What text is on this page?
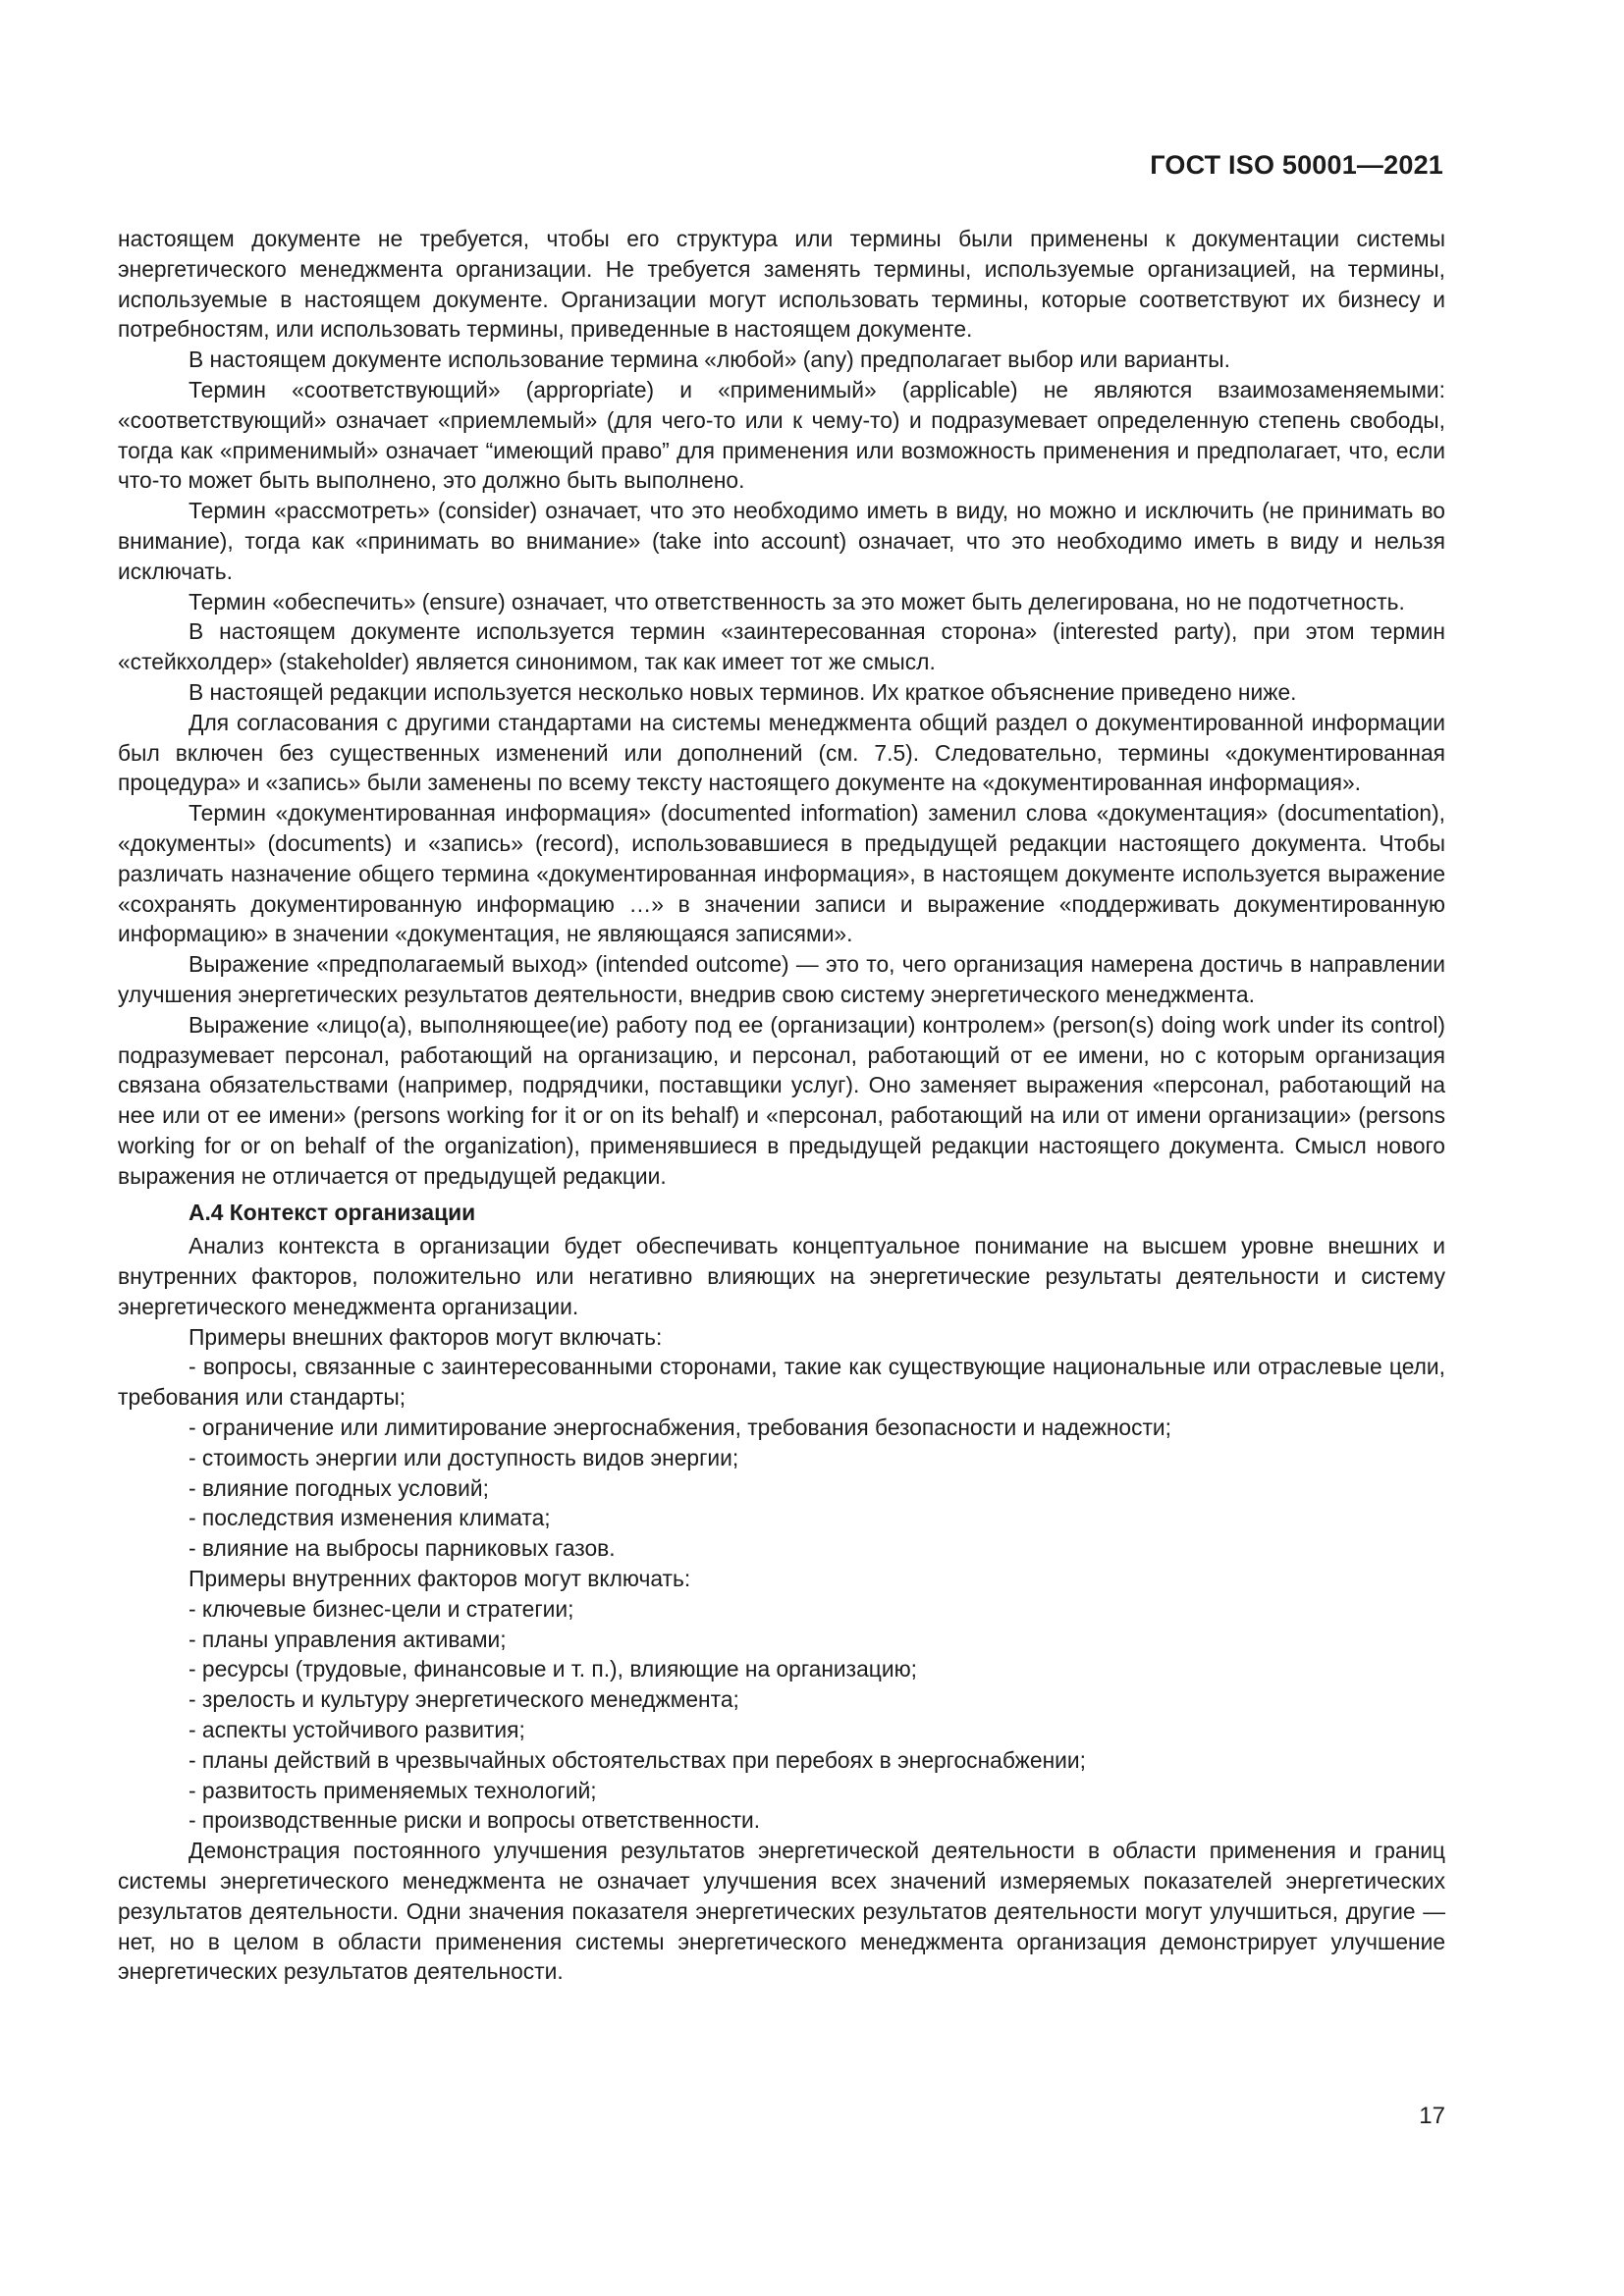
ГОСТ ISO 50001—2021

настоящем документе не требуется, чтобы его структура или термины были применены к документации системы энергетического менеджмента организации. Не требуется заменять термины, используемые организацией, на термины, используемые в настоящем документе. Организации могут использовать термины, которые соответствуют их бизнесу и потребностям, или использовать термины, приведенные в настоящем документе.

В настоящем документе использование термина «любой» (any) предполагает выбор или варианты.

Термин «соответствующий» (appropriate) и «применимый» (applicable) не являются взаимозаменяемыми: «соответствующий» означает «приемлемый» (для чего-то или к чему-то) и подразумевает определенную степень свободы, тогда как «применимый» означает “имеющий право” для применения или возможность применения и предполагает, что, если что-то может быть выполнено, это должно быть выполнено.

Термин «рассмотреть» (consider) означает, что это необходимо иметь в виду, но можно и исключить (не принимать во внимание), тогда как «принимать во внимание» (take into account) означает, что это необходимо иметь в виду и нельзя исключать.

Термин «обеспечить» (ensure) означает, что ответственность за это может быть делегирована, но не подотчетность.

В настоящем документе используется термин «заинтересованная сторона» (interested party), при этом термин «стейкхолдер» (stakeholder) является синонимом, так как имеет тот же смысл.

В настоящей редакции используется несколько новых терминов. Их краткое объяснение приведено ниже.

Для согласования с другими стандартами на системы менеджмента общий раздел о документированной информации был включен без существенных изменений или дополнений (см. 7.5). Следовательно, термины «документированная процедура» и «запись» были заменены по всему тексту настоящего документе на «документированная информация».

Термин «документированная информация» (documented information) заменил слова «документация» (documentation), «документы» (documents) и «запись» (record), использовавшиеся в предыдущей редакции настоящего документа. Чтобы различать назначение общего термина «документированная информация», в настоящем документе используется выражение «сохранять документированную информацию …» в значении записи и выражение «поддерживать документированную информацию» в значении «документация, не являющаяся записями».

Выражение «предполагаемый выход» (intended outcome) — это то, чего организация намерена достичь в направлении улучшения энергетических результатов деятельности, внедрив свою систему энергетического менеджмента.

Выражение «лицо(а), выполняющее(ие) работу под ее (организации) контролем» (person(s) doing work under its control) подразумевает персонал, работающий на организацию, и персонал, работающий от ее имени, но с которым организация связана обязательствами (например, подрядчики, поставщики услуг). Оно заменяет выражения «персонал, работающий на нее или от ее имени» (persons working for it or on its behalf) и «персонал, работающий на или от имени организации» (persons working for or on behalf of the organization), применявшиеся в предыдущей редакции настоящего документа. Смысл нового выражения не отличается от предыдущей редакции.

А.4 Контекст организации

Анализ контекста в организации будет обеспечивать концептуальное понимание на высшем уровне внешних и внутренних факторов, положительно или негативно влияющих на энергетические результаты деятельности и систему энергетического менеджмента организации.

Примеры внешних факторов могут включать:

- вопросы, связанные с заинтересованными сторонами, такие как существующие национальные или отраслевые цели, требования или стандарты;

- ограничение или лимитирование энергоснабжения, требования безопасности и надежности;

- стоимость энергии или доступность видов энергии;

- влияние погодных условий;

- последствия изменения климата;

- влияние на выбросы парниковых газов.

Примеры внутренних факторов могут включать:

- ключевые бизнес-цели и стратегии;

- планы управления активами;

- ресурсы (трудовые, финансовые и т. п.), влияющие на организацию;

- зрелость и культуру энергетического менеджмента;

- аспекты устойчивого развития;

- планы действий в чрезвычайных обстоятельствах при перебоях в энергоснабжении;

- развитость применяемых технологий;

- производственные риски и вопросы ответственности.

Демонстрация постоянного улучшения результатов энергетической деятельности в области применения и границ системы энергетического менеджмента не означает улучшения всех значений измеряемых показателей энергетических результатов деятельности. Одни значения показателя энергетических результатов деятельности могут улучшиться, другие — нет, но в целом в области применения системы энергетического менеджмента организация демонстрирует улучшение энергетических результатов деятельности.

17
